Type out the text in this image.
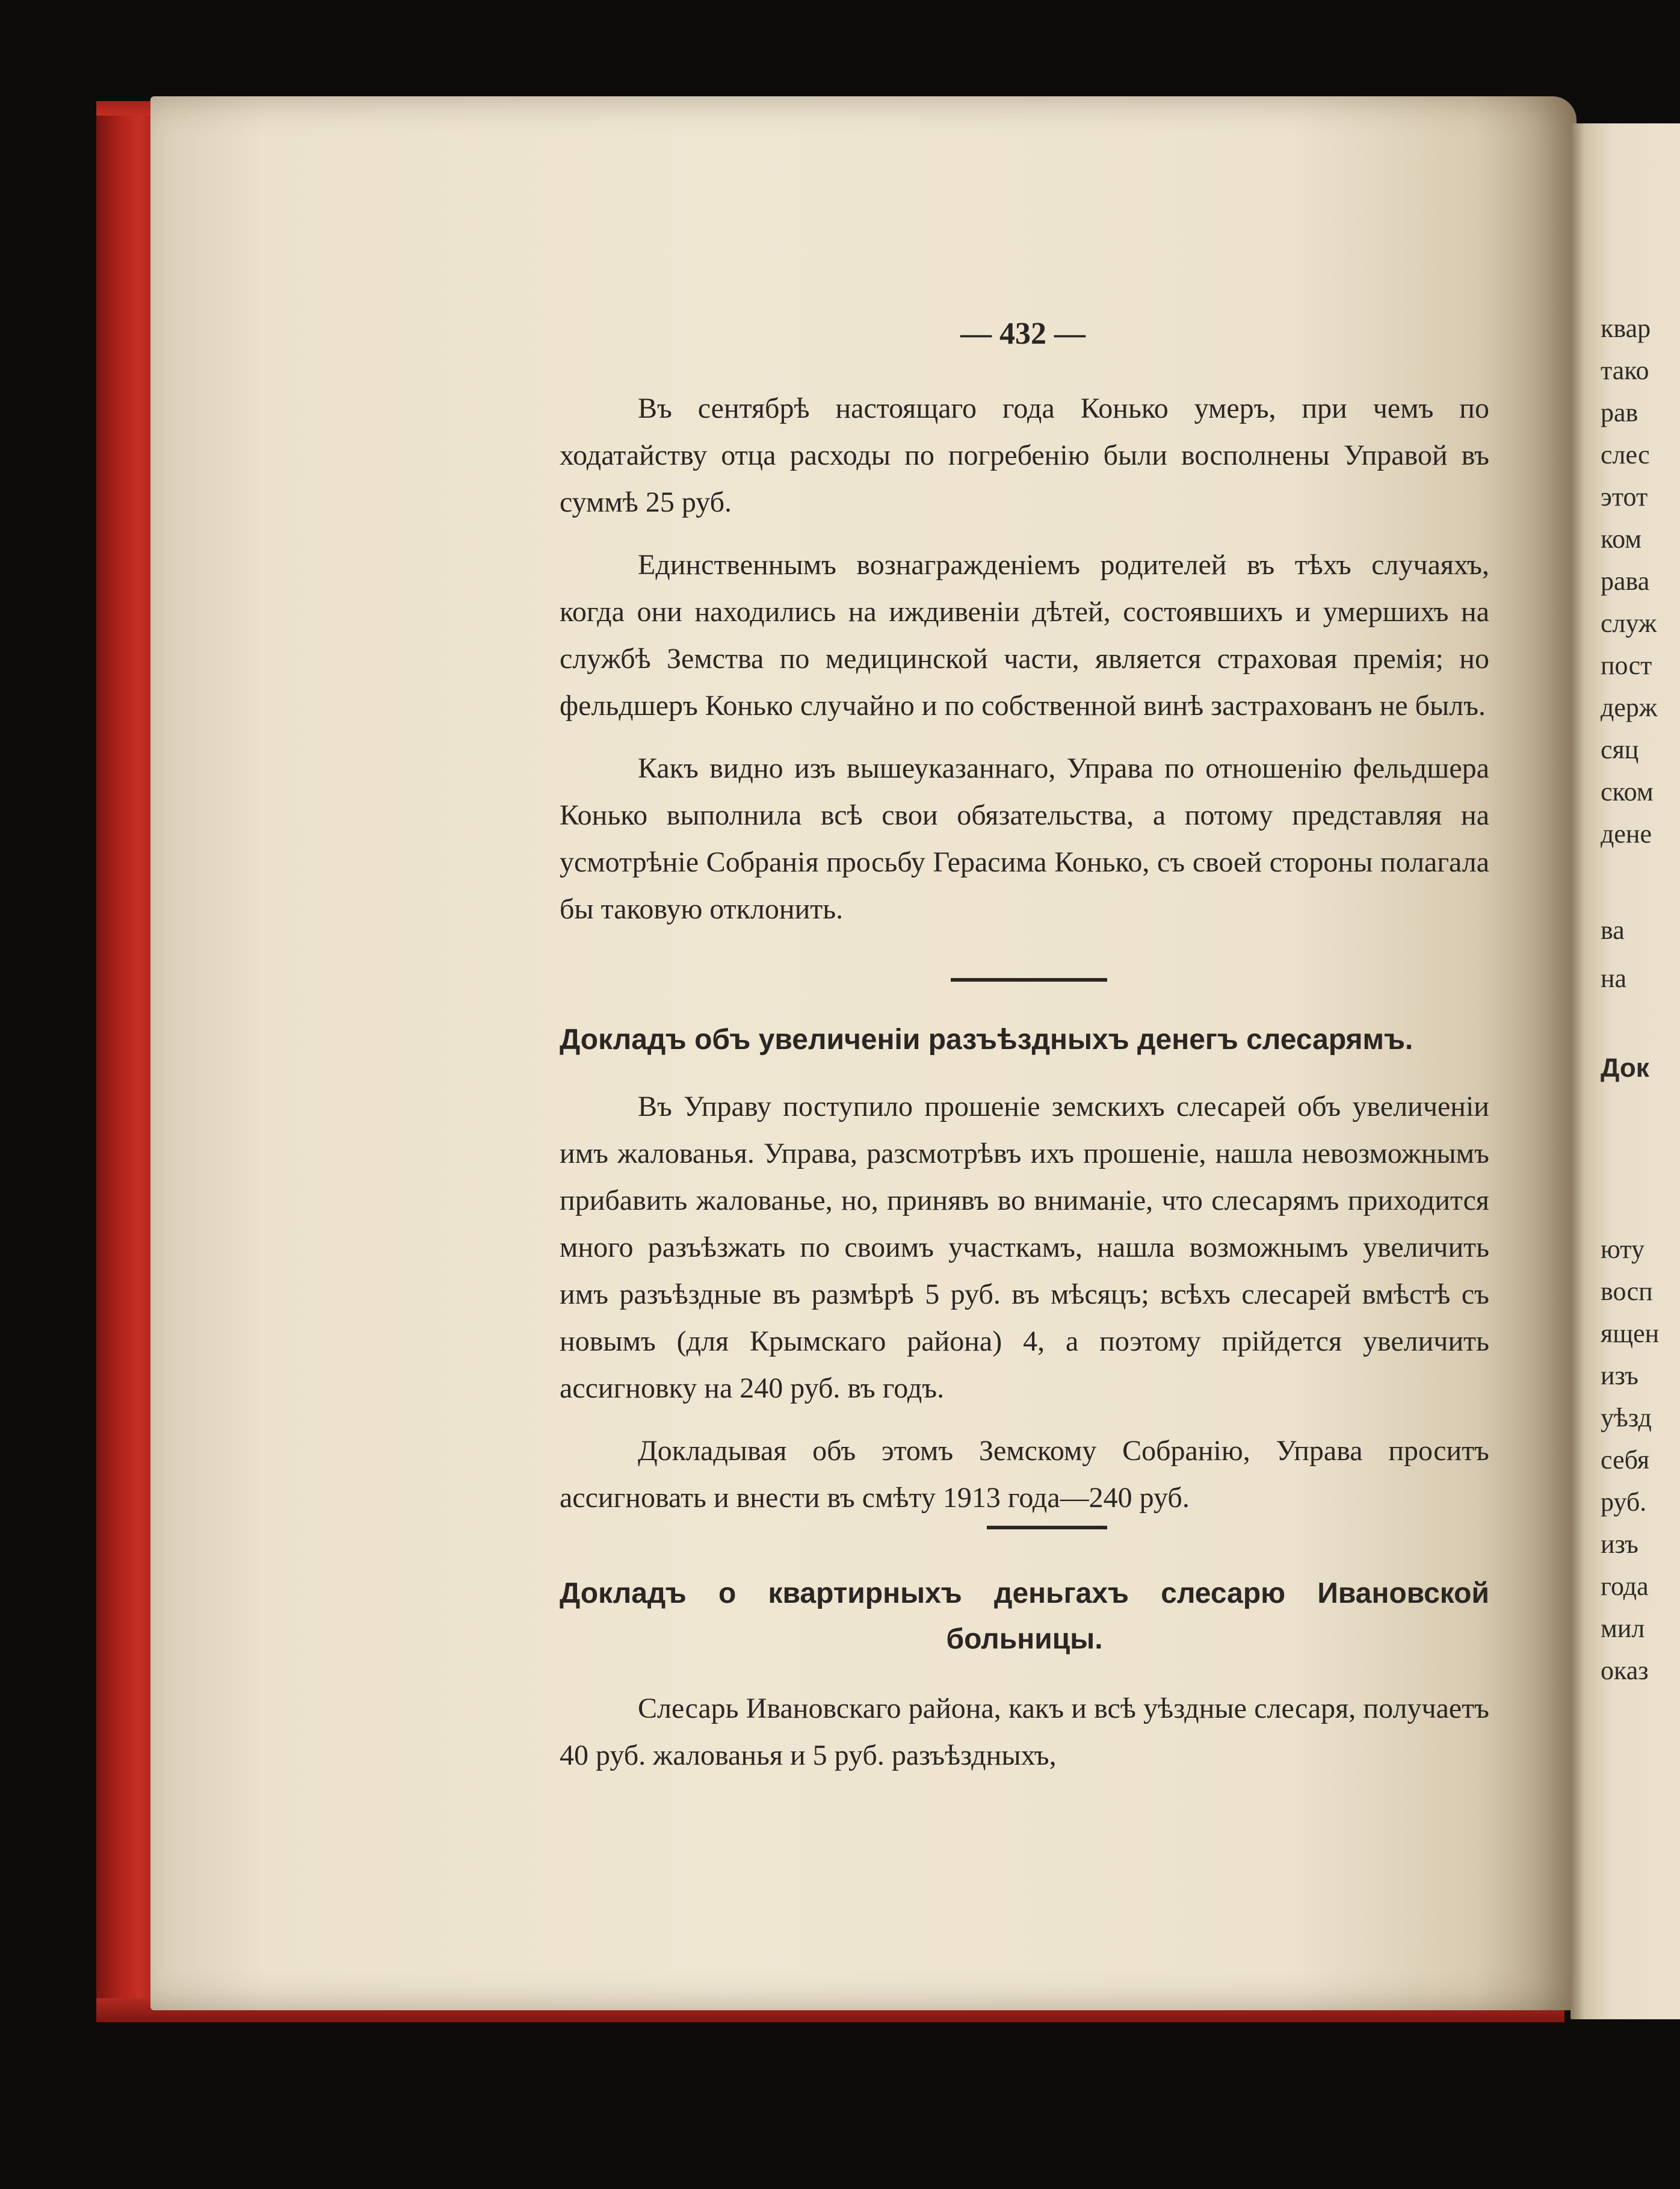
квар
тако
рав
слес
этот
ком
рава
служ
пост
держ
сяц
ском
дене
ва
на
Док
юту
восп
ящен
изъ
уѣзд
себя
руб.
изъ
года
мил
оказ
— 432 —

Въ сентябрѣ настоящаго года Конько умеръ, при чемъ по ходатайству отца расходы по погребенію были восполнены Управой въ суммѣ 25 руб.

Единственнымъ вознагражденіемъ родителей въ тѣхъ случаяхъ, когда они находились на иждивеніи дѣтей, состоявшихъ и умершихъ на службѣ Земства по медицинской части, является страховая премія; но фельдшеръ Конько случайно и по собственной винѣ застрахованъ не былъ.

Какъ видно изъ вышеуказаннаго, Управа по отношенію фельдшера Конько выполнила всѣ свои обязательства, а потому представляя на усмотрѣніе Собранія просьбу Герасима Конько, съ своей стороны полагала бы таковую отклонить.

Докладъ объ увеличеніи разъѣздныхъ денегъ слесарямъ.

Въ Управу поступило прошеніе земскихъ слесарей объ увеличеніи имъ жалованья. Управа, разсмотрѣвъ ихъ прошеніе, нашла невозможнымъ прибавить жалованье, но, принявъ во вниманіе, что слесарямъ приходится много разъѣзжать по своимъ участкамъ, нашла возможнымъ увеличить имъ разъѣздные въ размѣрѣ 5 руб. въ мѣсяцъ; всѣхъ слесарей вмѣстѣ съ новымъ (для Крымскаго района) 4, а поэтому прійдется увеличить ассигновку на 240 руб. въ годъ.

Докладывая объ этомъ Земскому Собранію, Управа проситъ ассигновать и внести въ смѣту 1913 года—240 руб.

Докладъ о квартирныхъ деньгахъ слесарю Ивановской
больницы.

Слесарь Ивановскаго района, какъ и всѣ уѣздные слесаря, получаетъ 40 руб. жалованья и 5 руб. разъѣздныхъ,
